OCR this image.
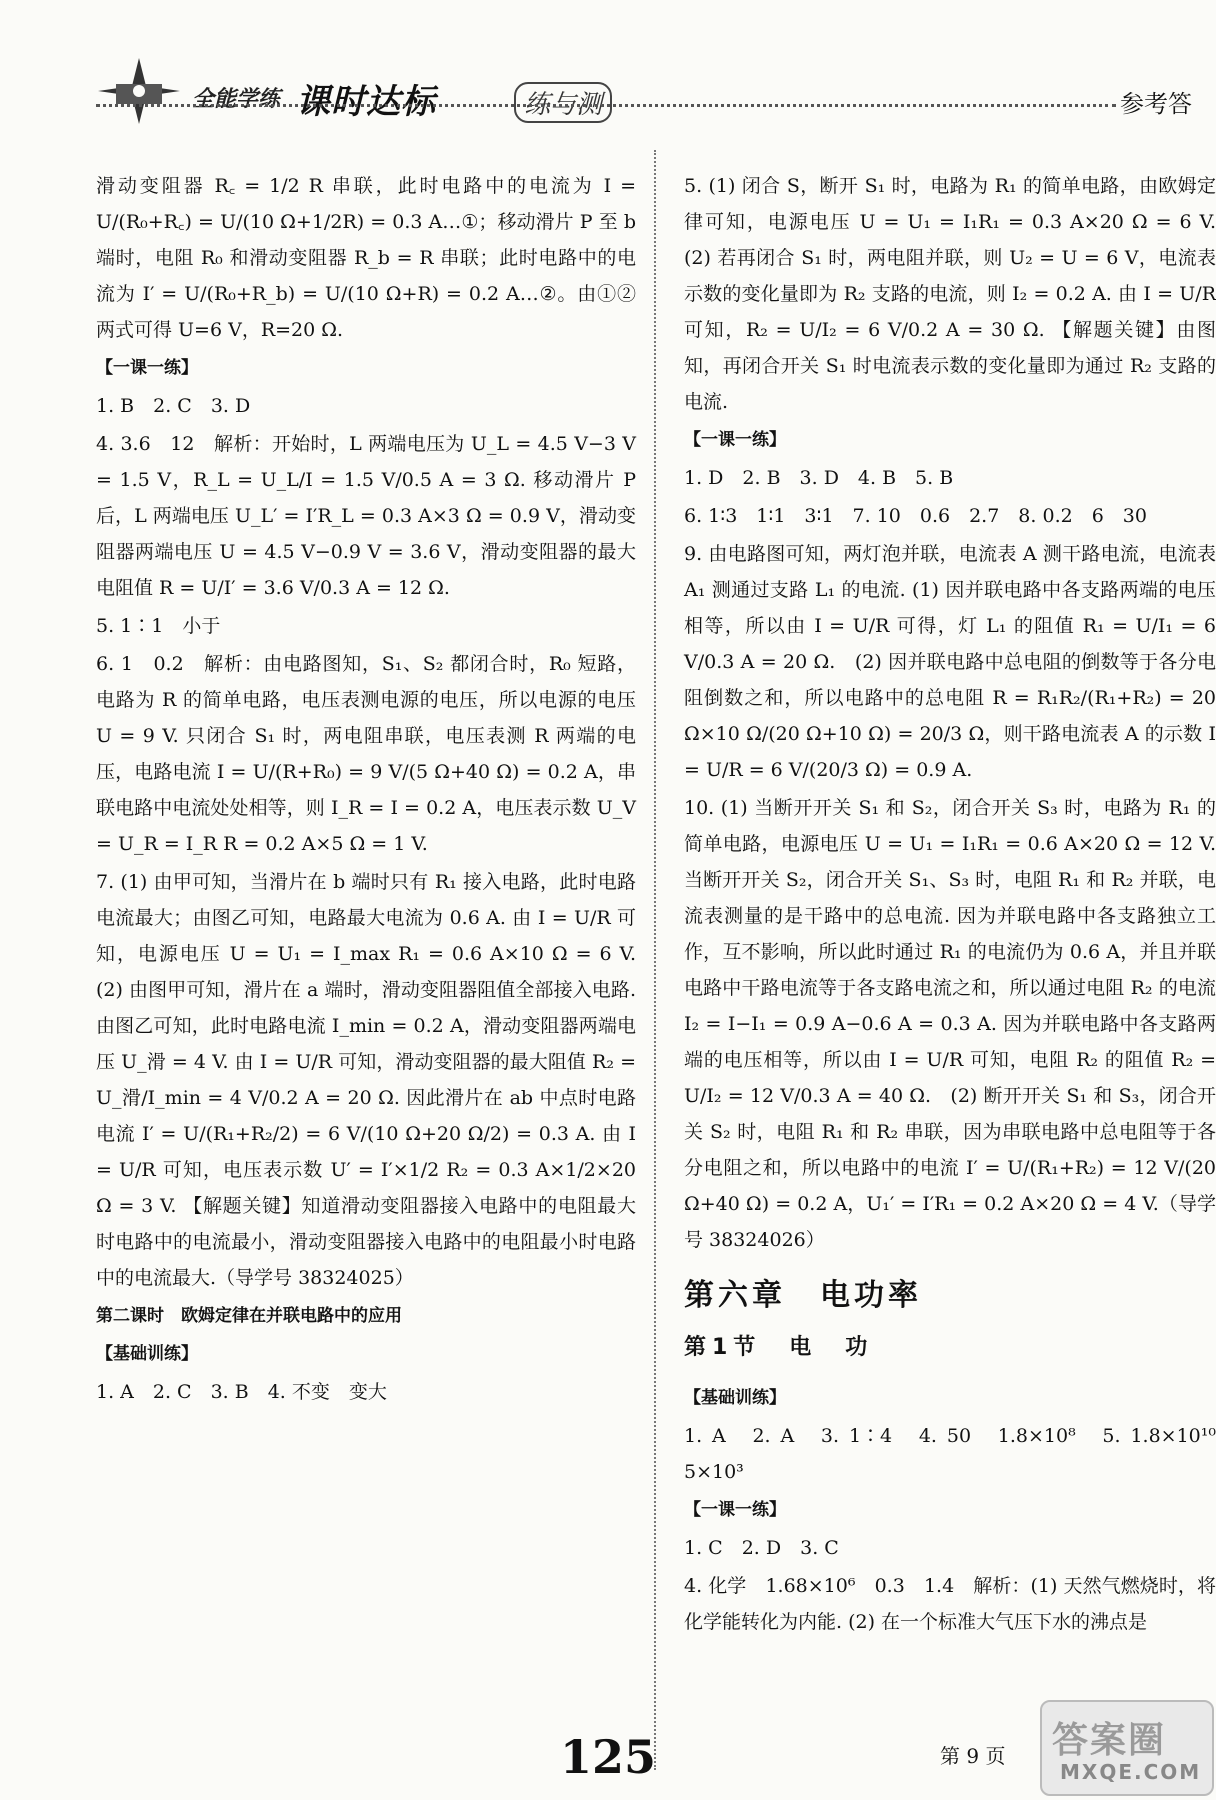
全能学练 课时达标	练与测	参考答

滑动变阻器 R꜀ = 1/2 R 串联，此时电路中的电流为 I = U/(R₀+R꜀) = U/(10 Ω+1/2R) = 0.3 A…①；移动滑片 P 至 b 端时，电阻 R₀ 和滑动变阻器 R_b = R 串联；此时电路中的电流为 I′ = U/(R₀+R_b) = U/(10 Ω+R) = 0.2 A…②。由①②两式可得 U=6 V，R=20 Ω.

【一课一练】

1. B　2. C　3. D

4. 3.6　12　解析：开始时，L 两端电压为 U_L = 4.5 V−3 V = 1.5 V，R_L = U_L/I = 1.5 V/0.5 A = 3 Ω. 移动滑片 P 后，L 两端电压 U_L′ = I′R_L = 0.3 A×3 Ω = 0.9 V，滑动变阻器两端电压 U = 4.5 V−0.9 V = 3.6 V，滑动变阻器的最大电阻值 R = U/I′ = 3.6 V/0.3 A = 12 Ω.

5. 1∶1　小于

6. 1　0.2　解析：由电路图知，S₁、S₂ 都闭合时，R₀ 短路，电路为 R 的简单电路，电压表测电源的电压，所以电源的电压 U = 9 V. 只闭合 S₁ 时，两电阻串联，电压表测 R 两端的电压，电路电流 I = U/(R+R₀) = 9 V/(5 Ω+40 Ω) = 0.2 A，串联电路中电流处处相等，则 I_R = I = 0.2 A，电压表示数 U_V = U_R = I_R R = 0.2 A×5 Ω = 1 V.

7. (1) 由甲可知，当滑片在 b 端时只有 R₁ 接入电路，此时电路电流最大；由图乙可知，电路最大电流为 0.6 A. 由 I = U/R 可知，电源电压 U = U₁ = I_max R₁ = 0.6 A×10 Ω = 6 V.　(2) 由图甲可知，滑片在 a 端时，滑动变阻器阻值全部接入电路. 由图乙可知，此时电路电流 I_min = 0.2 A，滑动变阻器两端电压 U_滑 = 4 V. 由 I = U/R 可知，滑动变阻器的最大阻值 R₂ = U_滑/I_min = 4 V/0.2 A = 20 Ω. 因此滑片在 ab 中点时电路电流 I′ = U/(R₁+R₂/2) = 6 V/(10 Ω+20 Ω/2) = 0.3 A. 由 I = U/R 可知，电压表示数 U′ = I′×1/2 R₂ = 0.3 A×1/2×20 Ω = 3 V. 【解题关键】知道滑动变阻器接入电路中的电阻最大时电路中的电流最小，滑动变阻器接入电路中的电阻最小时电路中的电流最大.（导学号 38324025）

第二课时　欧姆定律在并联电路中的应用

【基础训练】

1. A　2. C　3. B　4. 不变　变大

5. (1) 闭合 S，断开 S₁ 时，电路为 R₁ 的简单电路，由欧姆定律可知，电源电压 U = U₁ = I₁R₁ = 0.3 A×20 Ω = 6 V.　(2) 若再闭合 S₁ 时，两电阻并联，则 U₂ = U = 6 V，电流表示数的变化量即为 R₂ 支路的电流，则 I₂ = 0.2 A. 由 I = U/R 可知，R₂ = U/I₂ = 6 V/0.2 A = 30 Ω. 【解题关键】由图知，再闭合开关 S₁ 时电流表示数的变化量即为通过 R₂ 支路的电流.

【一课一练】

1. D　2. B　3. D　4. B　5. B

6. 1∶3　1∶1　3∶1　7. 10　0.6　2.7　8. 0.2　6　30

9. 由电路图可知，两灯泡并联，电流表 A 测干路电流，电流表 A₁ 测通过支路 L₁ 的电流. (1) 因并联电路中各支路两端的电压相等，所以由 I = U/R 可得，灯 L₁ 的阻值 R₁ = U/I₁ = 6 V/0.3 A = 20 Ω.　(2) 因并联电路中总电阻的倒数等于各分电阻倒数之和，所以电路中的总电阻 R = R₁R₂/(R₁+R₂) = 20 Ω×10 Ω/(20 Ω+10 Ω) = 20/3 Ω，则干路电流表 A 的示数 I = U/R = 6 V/(20/3 Ω) = 0.9 A.

10. (1) 当断开开关 S₁ 和 S₂，闭合开关 S₃ 时，电路为 R₁ 的简单电路，电源电压 U = U₁ = I₁R₁ = 0.6 A×20 Ω = 12 V. 当断开开关 S₂，闭合开关 S₁、S₃ 时，电阻 R₁ 和 R₂ 并联，电流表测量的是干路中的总电流. 因为并联电路中各支路独立工作，互不影响，所以此时通过 R₁ 的电流仍为 0.6 A，并且并联电路中干路电流等于各支路电流之和，所以通过电阻 R₂ 的电流 I₂ = I−I₁ = 0.9 A−0.6 A = 0.3 A. 因为并联电路中各支路两端的电压相等，所以由 I = U/R 可知，电阻 R₂ 的阻值 R₂ = U/I₂ = 12 V/0.3 A = 40 Ω.　(2) 断开开关 S₁ 和 S₃，闭合开关 S₂ 时，电阻 R₁ 和 R₂ 串联，因为串联电路中总电阻等于各分电阻之和，所以电路中的电流 I′ = U/(R₁+R₂) = 12 V/(20 Ω+40 Ω) = 0.2 A，U₁′ = I′R₁ = 0.2 A×20 Ω = 4 V.（导学号 38324026）

第六章　电功率

第1节　电　功

【基础训练】

1. A　2. A　3. 1∶4　4. 50　1.8×10⁸　5. 1.8×10¹⁰　5×10³

【一课一练】

1. C　2. D　3. C

4. 化学　1.68×10⁶　0.3　1.4　解析：(1) 天然气燃烧时，将化学能转化为内能. (2) 在一个标准大气压下水的沸点是

125	第 9 页 答案圈
MXQE.COM
